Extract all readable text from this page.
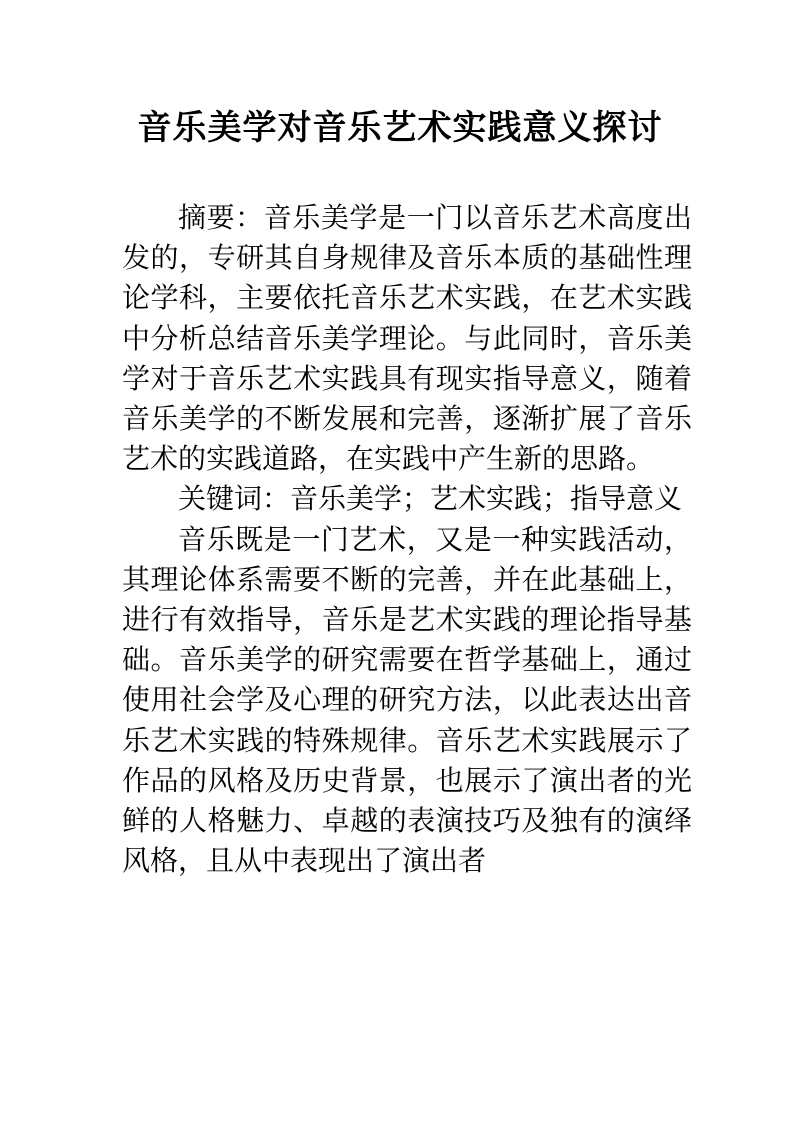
音乐美学对音乐艺术实践意义探讨

摘要：音乐美学是一门以音乐艺术高度出发的，专研其自身规律及音乐本质的基础性理论学科，主要依托音乐艺术实践，在艺术实践中分析总结音乐美学理论。与此同时，音乐美学对于音乐艺术实践具有现实指导意义，随着音乐美学的不断发展和完善，逐渐扩展了音乐艺术的实践道路，在实践中产生新的思路。

关键词：音乐美学；艺术实践；指导意义

音乐既是一门艺术，又是一种实践活动，其理论体系需要不断的完善，并在此基础上，进行有效指导，音乐是艺术实践的理论指导基础。音乐美学的研究需要在哲学基础上，通过使用社会学及心理的研究方法，以此表达出音乐艺术实践的特殊规律。音乐艺术实践展示了作品的风格及历史背景，也展示了演出者的光鲜的人格魅力、卓越的表演技巧及独有的演绎风格，且从中表现出了演出者
